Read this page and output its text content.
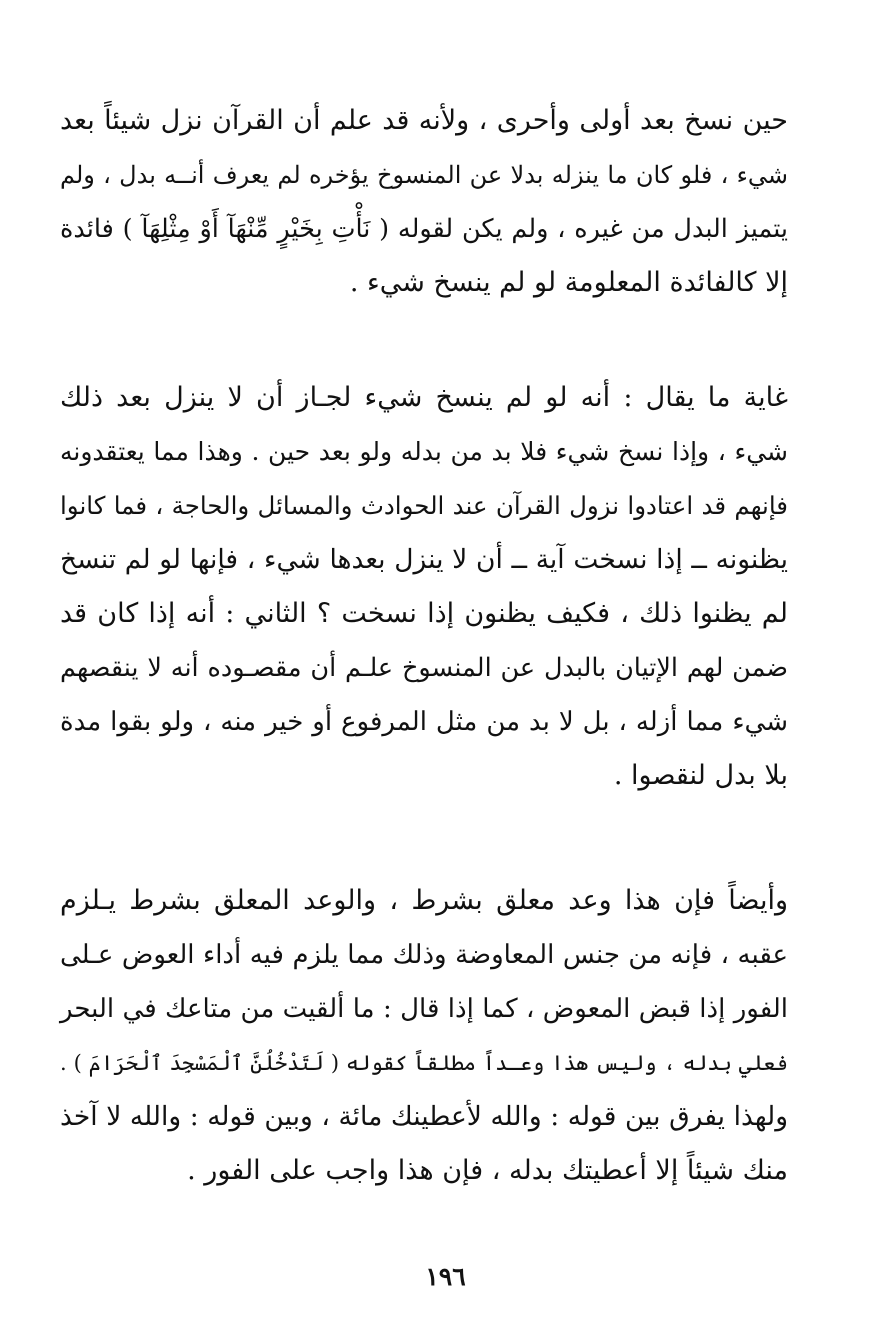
حين نسخ بعد أولى وأحرى ، ولأنه قد علم أن القرآن نزل شيئاً بعد
شيء ، فلو كان ما ينزله بدلا عن المنسوخ يؤخره لم يعرف أنــه بدل ، ولم
يتميز البدل من غيره ، ولم يكن لقوله ( نَأْتِ بِخَيْرٍ مِّنْهَآ أَوْ مِثْلِهَآ ) فائدة
إلا كالفائدة المعلومة لو لم ينسخ شيء .
غاية ما يقال : أنه لو لم ينسخ شيء لجـاز أن لا ينزل بعد ذلك
شيء ، وإذا نسخ شيء فلا بد من بدله ولو بعد حين . وهذا مما يعتقدونه
فإنهم قد اعتادوا نزول القرآن عند الحوادث والمسائل والحاجة ، فما كانوا
يظنونه ــ إذا نسخت آية ــ أن لا ينزل بعدها شيء ، فإنها لو لم تنسخ
لم يظنوا ذلك ، فكيف يظنون إذا نسخت ؟ الثاني : أنه إذا كان قد
ضمن لهم الإتيان بالبدل عن المنسوخ علـم أن مقصـوده أنه لا ينقصهم
شيء مما أزله ، بل لا بد من مثل المرفوع أو خير منه ، ولو بقوا مدة
بلا بدل لنقصوا .
وأيضاً فإن هذا وعد معلق بشرط ، والوعد المعلق بشرط يـلزم
عقبه ، فإنه من جنس المعاوضة وذلك مما يلزم فيه أداء العوض عـلى
الفور إذا قبض المعوض ، كما إذا قال : ما ألقيت من متاعك في البحر
فعلي بدله ، وليس هذا وعـداً مطلقاً كقوله ( لَتَدْخُلُنَّ ٱلْمَسْجِدَ ٱلْحَرَامَ ) .
ولهذا يفرق بين قوله : والله لأعطينك مائة ، وبين قوله : والله لا آخذ
منك شيئاً إلا أعطيتك بدله ، فإن هذا واجب على الفور .
١٩٦
